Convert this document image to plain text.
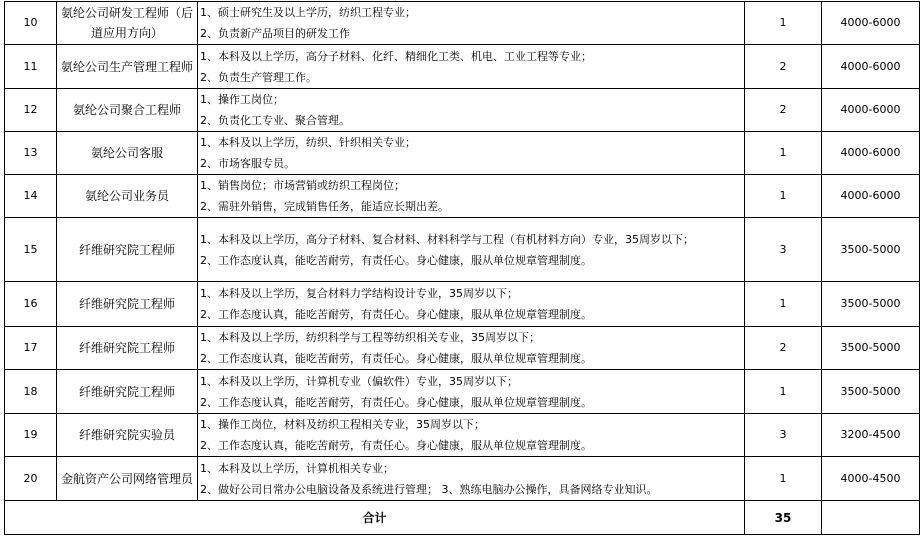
10	氨纶公司研发工程师（后道应用方向）	1、硕士研究生及以上学历，纺织工程专业；
2、负责新产品项目的研发工作	1	4000-6000
11	氨纶公司生产管理工程师	1、本科及以上学历，高分子材料、化纤、精细化工类、机电、工业工程等专业；
2、负责生产管理工作。	2	4000-6000
12	氨纶公司聚合工程师	1、操作工岗位；
2、负责化工专业、聚合管理。	2	4000-6000
13	氨纶公司客服	1、本科及以上学历，纺织、针织相关专业；
2、市场客服专员。	1	4000-6000
14	氨纶公司业务员	1、销售岗位；市场营销或纺织工程岗位；
2、需驻外销售，完成销售任务，能适应长期出差。	1	4000-6000
15	纤维研究院工程师	1、本科及以上学历，高分子材料、复合材料、材料科学与工程（有机材料方向）专业，35周岁以下；
2、工作态度认真，能吃苦耐劳，有责任心。身心健康，服从单位规章管理制度。	3	3500-5000
16	纤维研究院工程师	1、本科及以上学历，复合材料力学结构设计专业，35周岁以下；
2、工作态度认真，能吃苦耐劳，有责任心。身心健康，服从单位规章管理制度。	1	3500-5000
17	纤维研究院工程师	1、本科及以上学历，纺织科学与工程等纺织相关专业，35周岁以下；
2、工作态度认真，能吃苦耐劳，有责任心。身心健康，服从单位规章管理制度。	2	3500-5000
18	纤维研究院工程师	1、本科及以上学历，计算机专业（偏软件）专业，35周岁以下；
2、工作态度认真，能吃苦耐劳，有责任心。身心健康，服从单位规章管理制度。	1	3500-5000
19	纤维研究院实验员	1、操作工岗位，材料及纺织工程相关专业，35周岁以下；
2、工作态度认真，能吃苦耐劳，有责任心。身心健康，服从单位规章管理制度。	3	3200-4500
20	金航资产公司网络管理员	1、本科及以上学历，计算机相关专业；
2、做好公司日常办公电脑设备及系统进行管理； 3、熟练电脑办公操作，具备网络专业知识。	1	4000-4500
合计			35	
